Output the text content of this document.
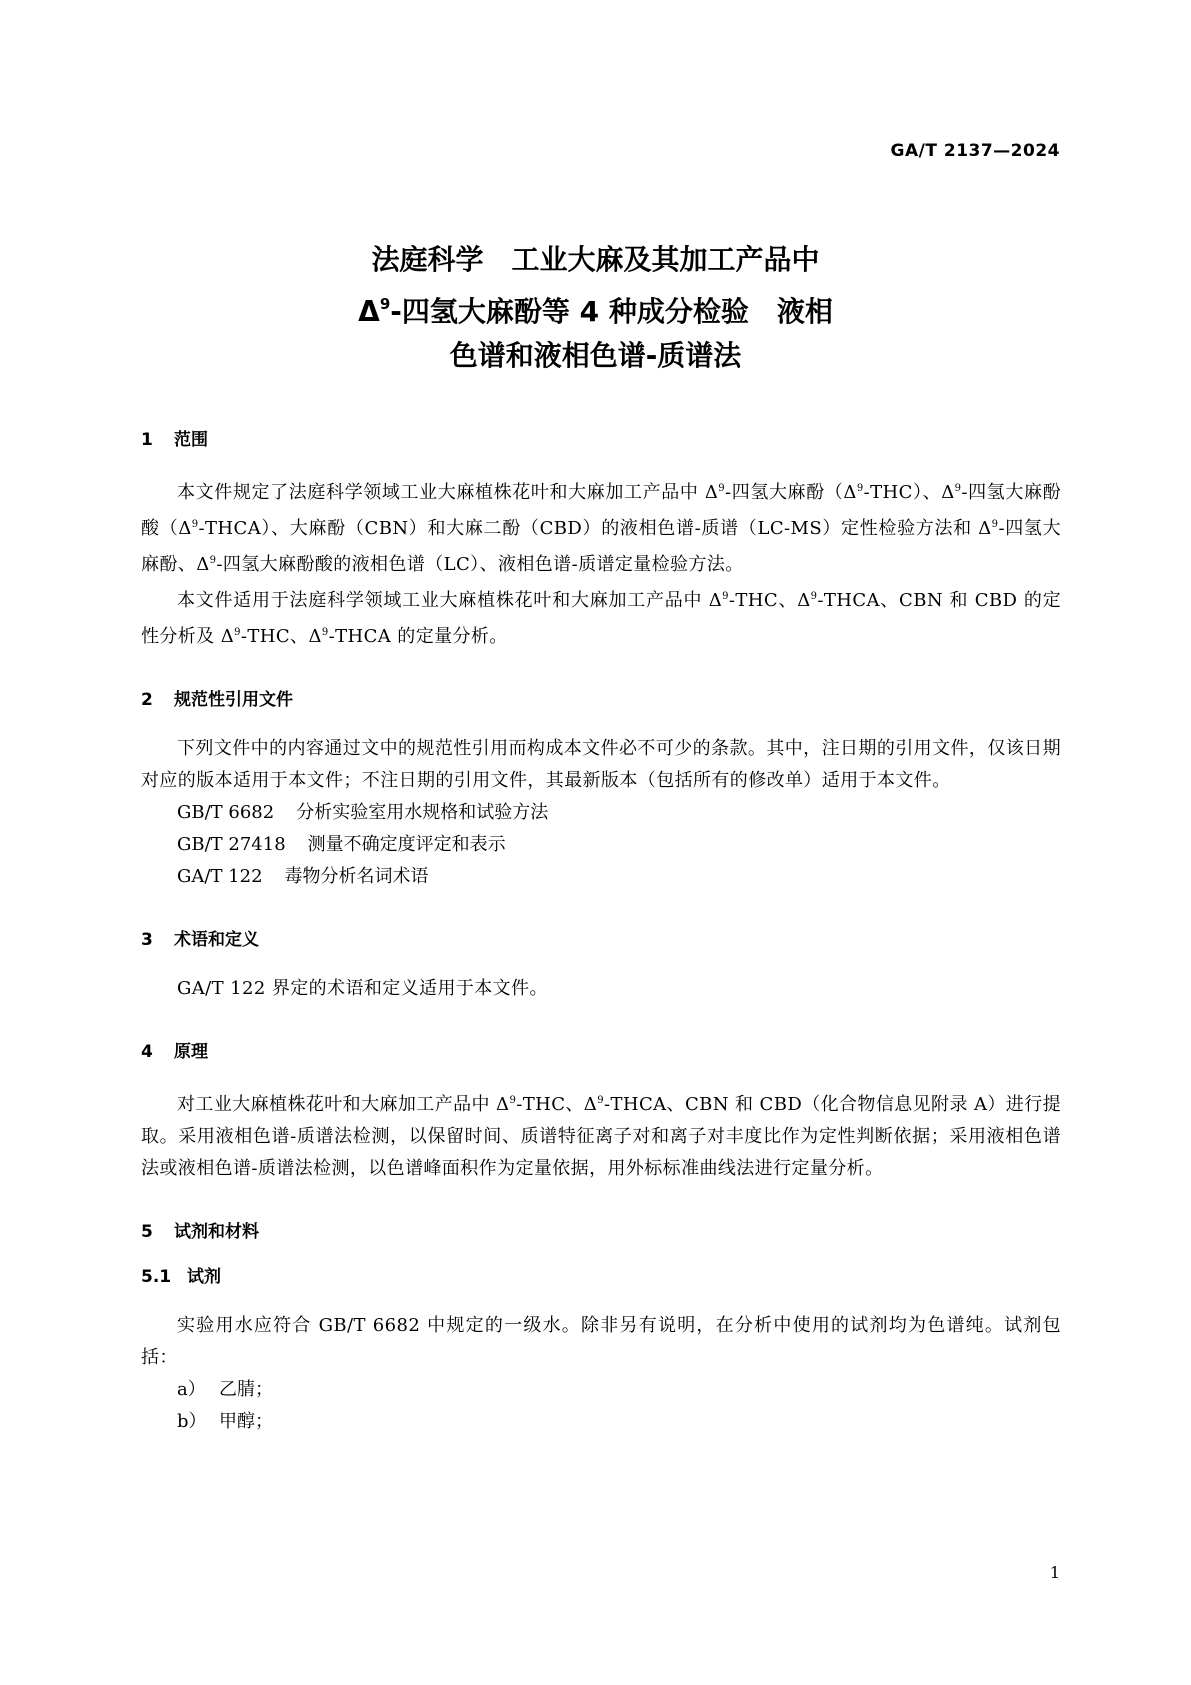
GA/T 2137—2024
法庭科学　工业大麻及其加工产品中
$\Delta^9-$四氢大麻酚等 4 种成分检验　液相
色谱和液相色谱-质谱法
1 范围

本文件规定了法庭科学领域工业大麻植株花叶和大麻加工产品中 $\Delta^9-$四氢大麻酚$(\Delta^9-THC)$、$\Delta^9-$四氢大麻酚酸$(\Delta^9-THCA)$、大麻酚（CBN）和大麻二酚（CBD）的液相色谱-质谱（LC-MS）定性检验方法和 $\Delta^9-$四氢大麻酚、$\Delta^9-$四氢大麻酚酸的液相色谱（LC）、液相色谱-质谱定量检验方法。

本文件适用于法庭科学领域工业大麻植株花叶和大麻加工产品中 $\Delta^9$-THC、$\Delta^9$-THCA、CBN 和 CBD 的定性分析及 $\Delta^9$-THC、$\Delta^9$-THCA 的定量分析。

2 规范性引用文件

下列文件中的内容通过文中的规范性引用而构成本文件必不可少的条款。其中，注日期的引用文件，仅该日期对应的版本适用于本文件；不注日期的引用文件，其最新版本（包括所有的修改单）适用于本文件。

GB/T 6682 分析实验室用水规格和试验方法

GB/T 27418 测量不确定度评定和表示

GA/T 122 毒物分析名词术语

3 术语和定义

GA/T 122 界定的术语和定义适用于本文件。

4 原理

对工业大麻植株花叶和大麻加工产品中 $\Delta^9$-THC、$\Delta^9$-THCA、CBN 和 CBD（化合物信息见附录 A）进行提取。采用液相色谱-质谱法检测，以保留时间、质谱特征离子对和离子对丰度比作为定性判断依据；采用液相色谱法或液相色谱-质谱法检测，以色谱峰面积作为定量依据，用外标标准曲线法进行定量分析。

5 试剂和材料
5.1 试剂

实验用水应符合 GB/T 6682 中规定的一级水。除非另有说明，在分析中使用的试剂均为色谱纯。试剂包括：

a） 乙腈；

b） 甲醇；

1
